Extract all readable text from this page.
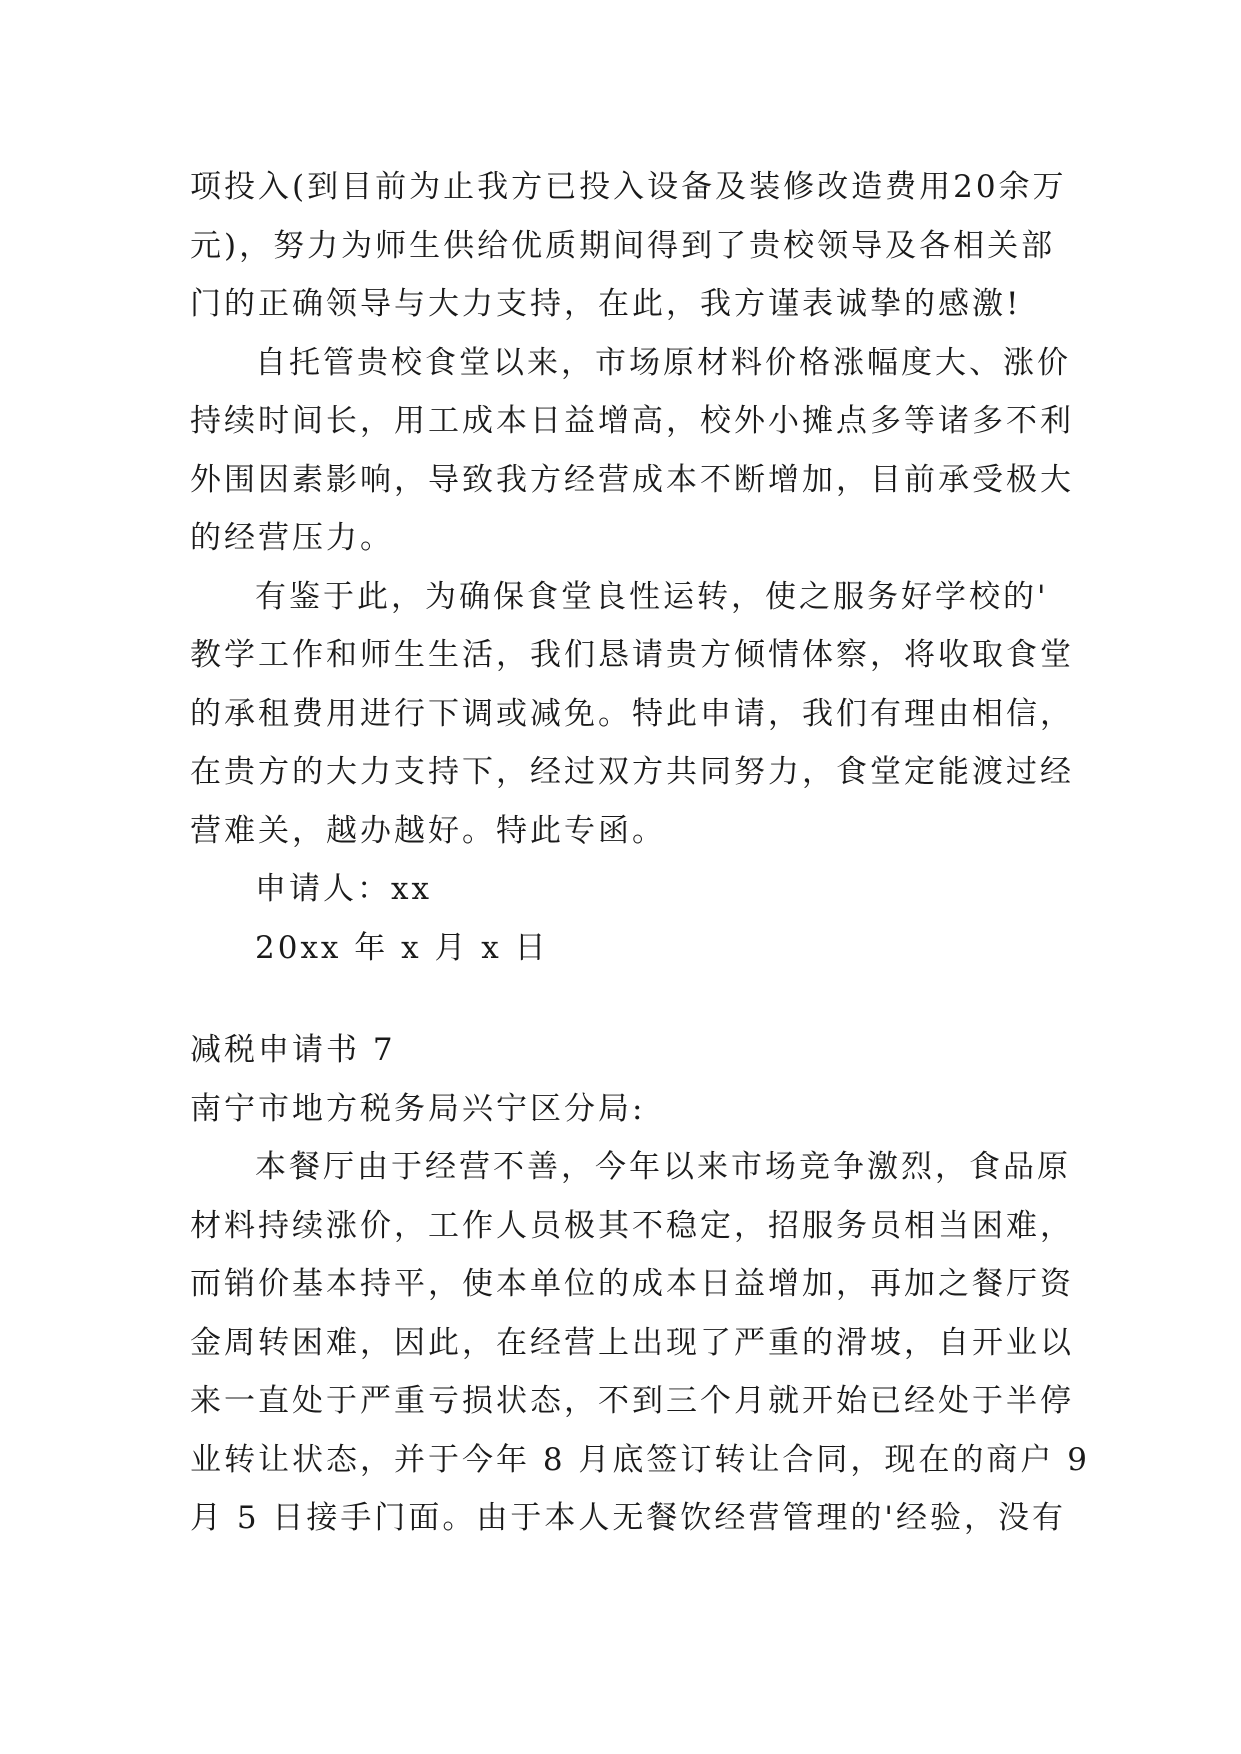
项投入(到目前为止我方已投入设备及装修改造费用20余万
元)，努力为师生供给优质期间得到了贵校领导及各相关部
门的正确领导与大力支持，在此，我方谨表诚挚的感激!
自托管贵校食堂以来，市场原材料价格涨幅度大、涨价
持续时间长，用工成本日益增高，校外小摊点多等诸多不利
外围因素影响，导致我方经营成本不断增加，目前承受极大
的经营压力。
有鉴于此，为确保食堂良性运转，使之服务好学校的'
教学工作和师生生活，我们恳请贵方倾情体察，将收取食堂
的承租费用进行下调或减免。特此申请，我们有理由相信，
在贵方的大力支持下，经过双方共同努力，食堂定能渡过经
营难关，越办越好。特此专函。
申请人：xx
20xx 年 x 月 x 日
减税申请书 7
南宁市地方税务局兴宁区分局:
本餐厅由于经营不善，今年以来市场竞争激烈，食品原
材料持续涨价，工作人员极其不稳定，招服务员相当困难，
而销价基本持平，使本单位的成本日益增加，再加之餐厅资
金周转困难，因此，在经营上出现了严重的滑坡，自开业以
来一直处于严重亏损状态，不到三个月就开始已经处于半停
业转让状态，并于今年 8 月底签订转让合同，现在的商户 9
月 5 日接手门面。由于本人无餐饮经营管理的'经验，没有
